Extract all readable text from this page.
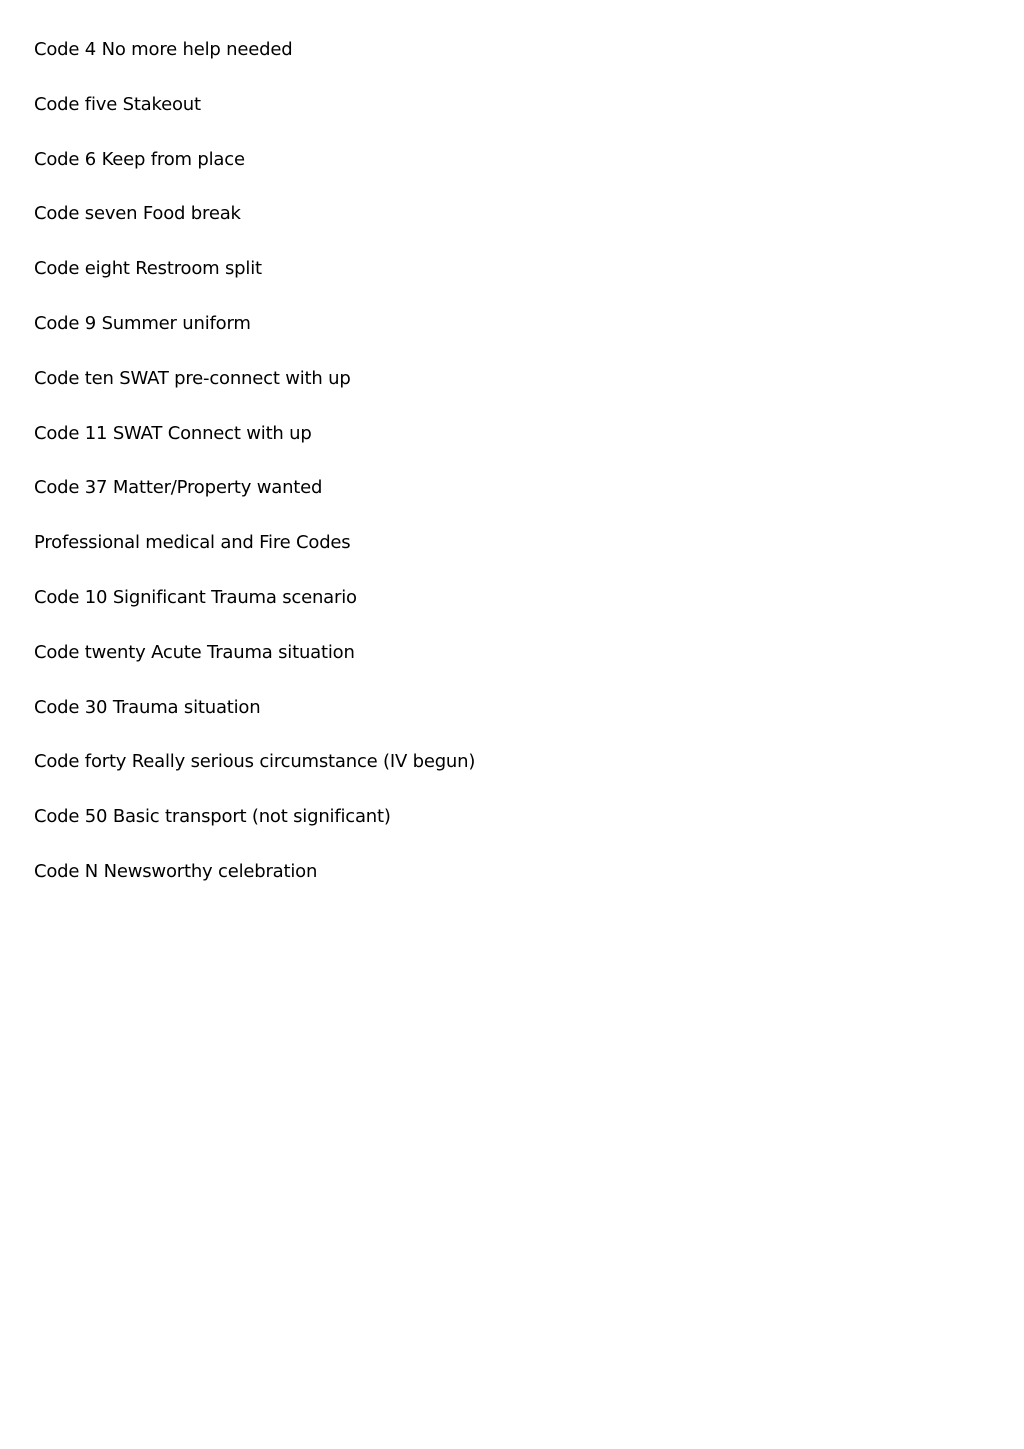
Code 4 No more help needed

Code five Stakeout

Code 6 Keep from place

Code seven Food break

Code eight Restroom split

Code 9 Summer uniform

Code ten SWAT pre-connect with up

Code 11 SWAT Connect with up

Code 37 Matter/Property wanted

Professional medical and Fire Codes

Code 10 Significant Trauma scenario

Code twenty Acute Trauma situation

Code 30 Trauma situation

Code forty Really serious circumstance (IV begun)

Code 50 Basic transport (not significant)

Code N Newsworthy celebration
